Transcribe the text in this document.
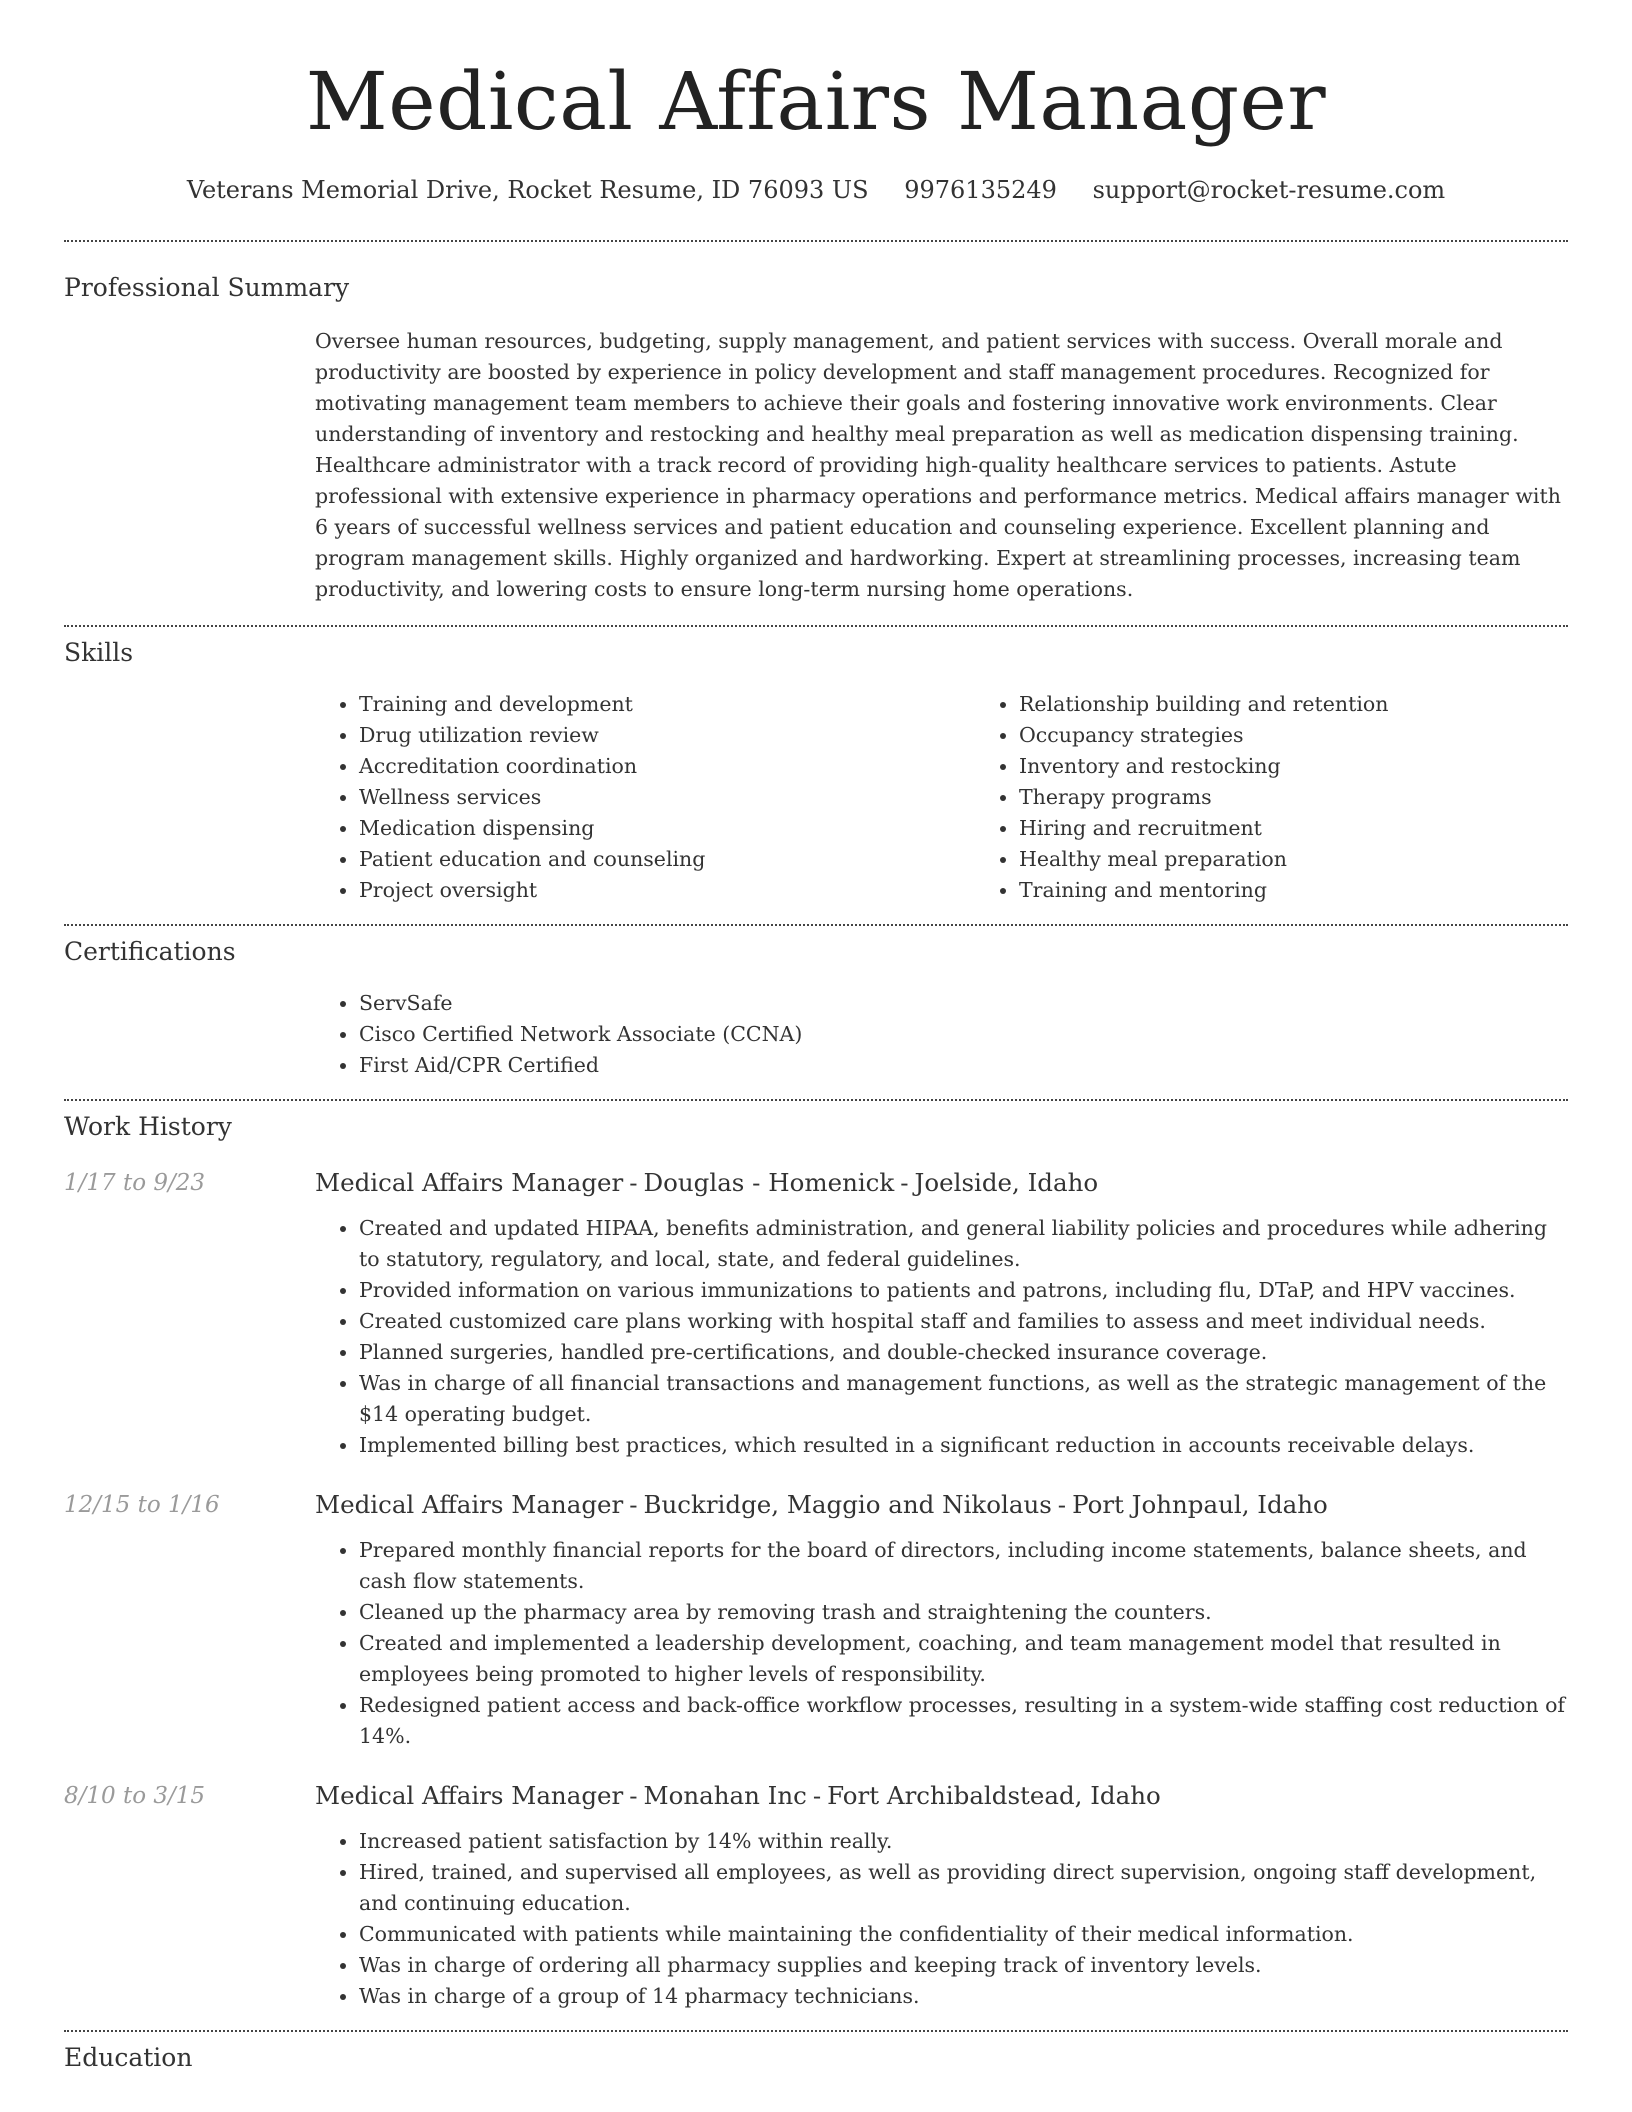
Medical Affairs Manager
Veterans Memorial Drive, Rocket Resume, ID 76093 US 9976135249 support@rocket-resume.com
Professional Summary

Oversee human resources, budgeting, supply management, and patient services with success. Overall morale and productivity are boosted by experience in policy development and staff management procedures. Recognized for motivating management team members to achieve their goals and fostering innovative work environments. Clear understanding of inventory and restocking and healthy meal preparation as well as medication dispensing training. Healthcare administrator with a track record of providing high-quality healthcare services to patients. Astute professional with extensive experience in pharmacy operations and performance metrics. Medical affairs manager with 6 years of successful wellness services and patient education and counseling experience. Excellent planning and program management skills. Highly organized and hardworking. Expert at streamlining processes, increasing team productivity, and lowering costs to ensure long-term nursing home operations.

Skills
• Training and development
• Drug utilization review
• Accreditation coordination
• Wellness services
• Medication dispensing
• Patient education and counseling
• Project oversight
• Relationship building and retention
• Occupancy strategies
• Inventory and restocking
• Therapy programs
• Hiring and recruitment
• Healthy meal preparation
• Training and mentoring
Certifications
• ServSafe
• Cisco Certified Network Associate (CCNA)
• First Aid/CPR Certified
Work History
1/17 to 9/23	Medical Affairs Manager - Douglas - Homenick - Joelside, Idaho
• Created and updated HIPAA, benefits administration, and general liability policies and procedures while adhering to statutory, regulatory, and local, state, and federal guidelines.
• Provided information on various immunizations to patients and patrons, including flu, DTaP, and HPV vaccines.
• Created customized care plans working with hospital staff and families to assess and meet individual needs.
• Planned surgeries, handled pre-certifications, and double-checked insurance coverage.
• Was in charge of all financial transactions and management functions, as well as the strategic management of the $14 operating budget.
• Implemented billing best practices, which resulted in a significant reduction in accounts receivable delays.
12/15 to 1/16	Medical Affairs Manager - Buckridge, Maggio and Nikolaus - Port Johnpaul, Idaho
• Prepared monthly financial reports for the board of directors, including income statements, balance sheets, and cash flow statements.
• Cleaned up the pharmacy area by removing trash and straightening the counters.
• Created and implemented a leadership development, coaching, and team management model that resulted in employees being promoted to higher levels of responsibility.
• Redesigned patient access and back-office workflow processes, resulting in a system-wide staffing cost reduction of 14%.
8/10 to 3/15	Medical Affairs Manager - Monahan Inc - Fort Archibaldstead, Idaho
• Increased patient satisfaction by 14% within really.
• Hired, trained, and supervised all employees, as well as providing direct supervision, ongoing staff development, and continuing education.
• Communicated with patients while maintaining the confidentiality of their medical information.
• Was in charge of ordering all pharmacy supplies and keeping track of inventory levels.
• Was in charge of a group of 14 pharmacy technicians.
Education
